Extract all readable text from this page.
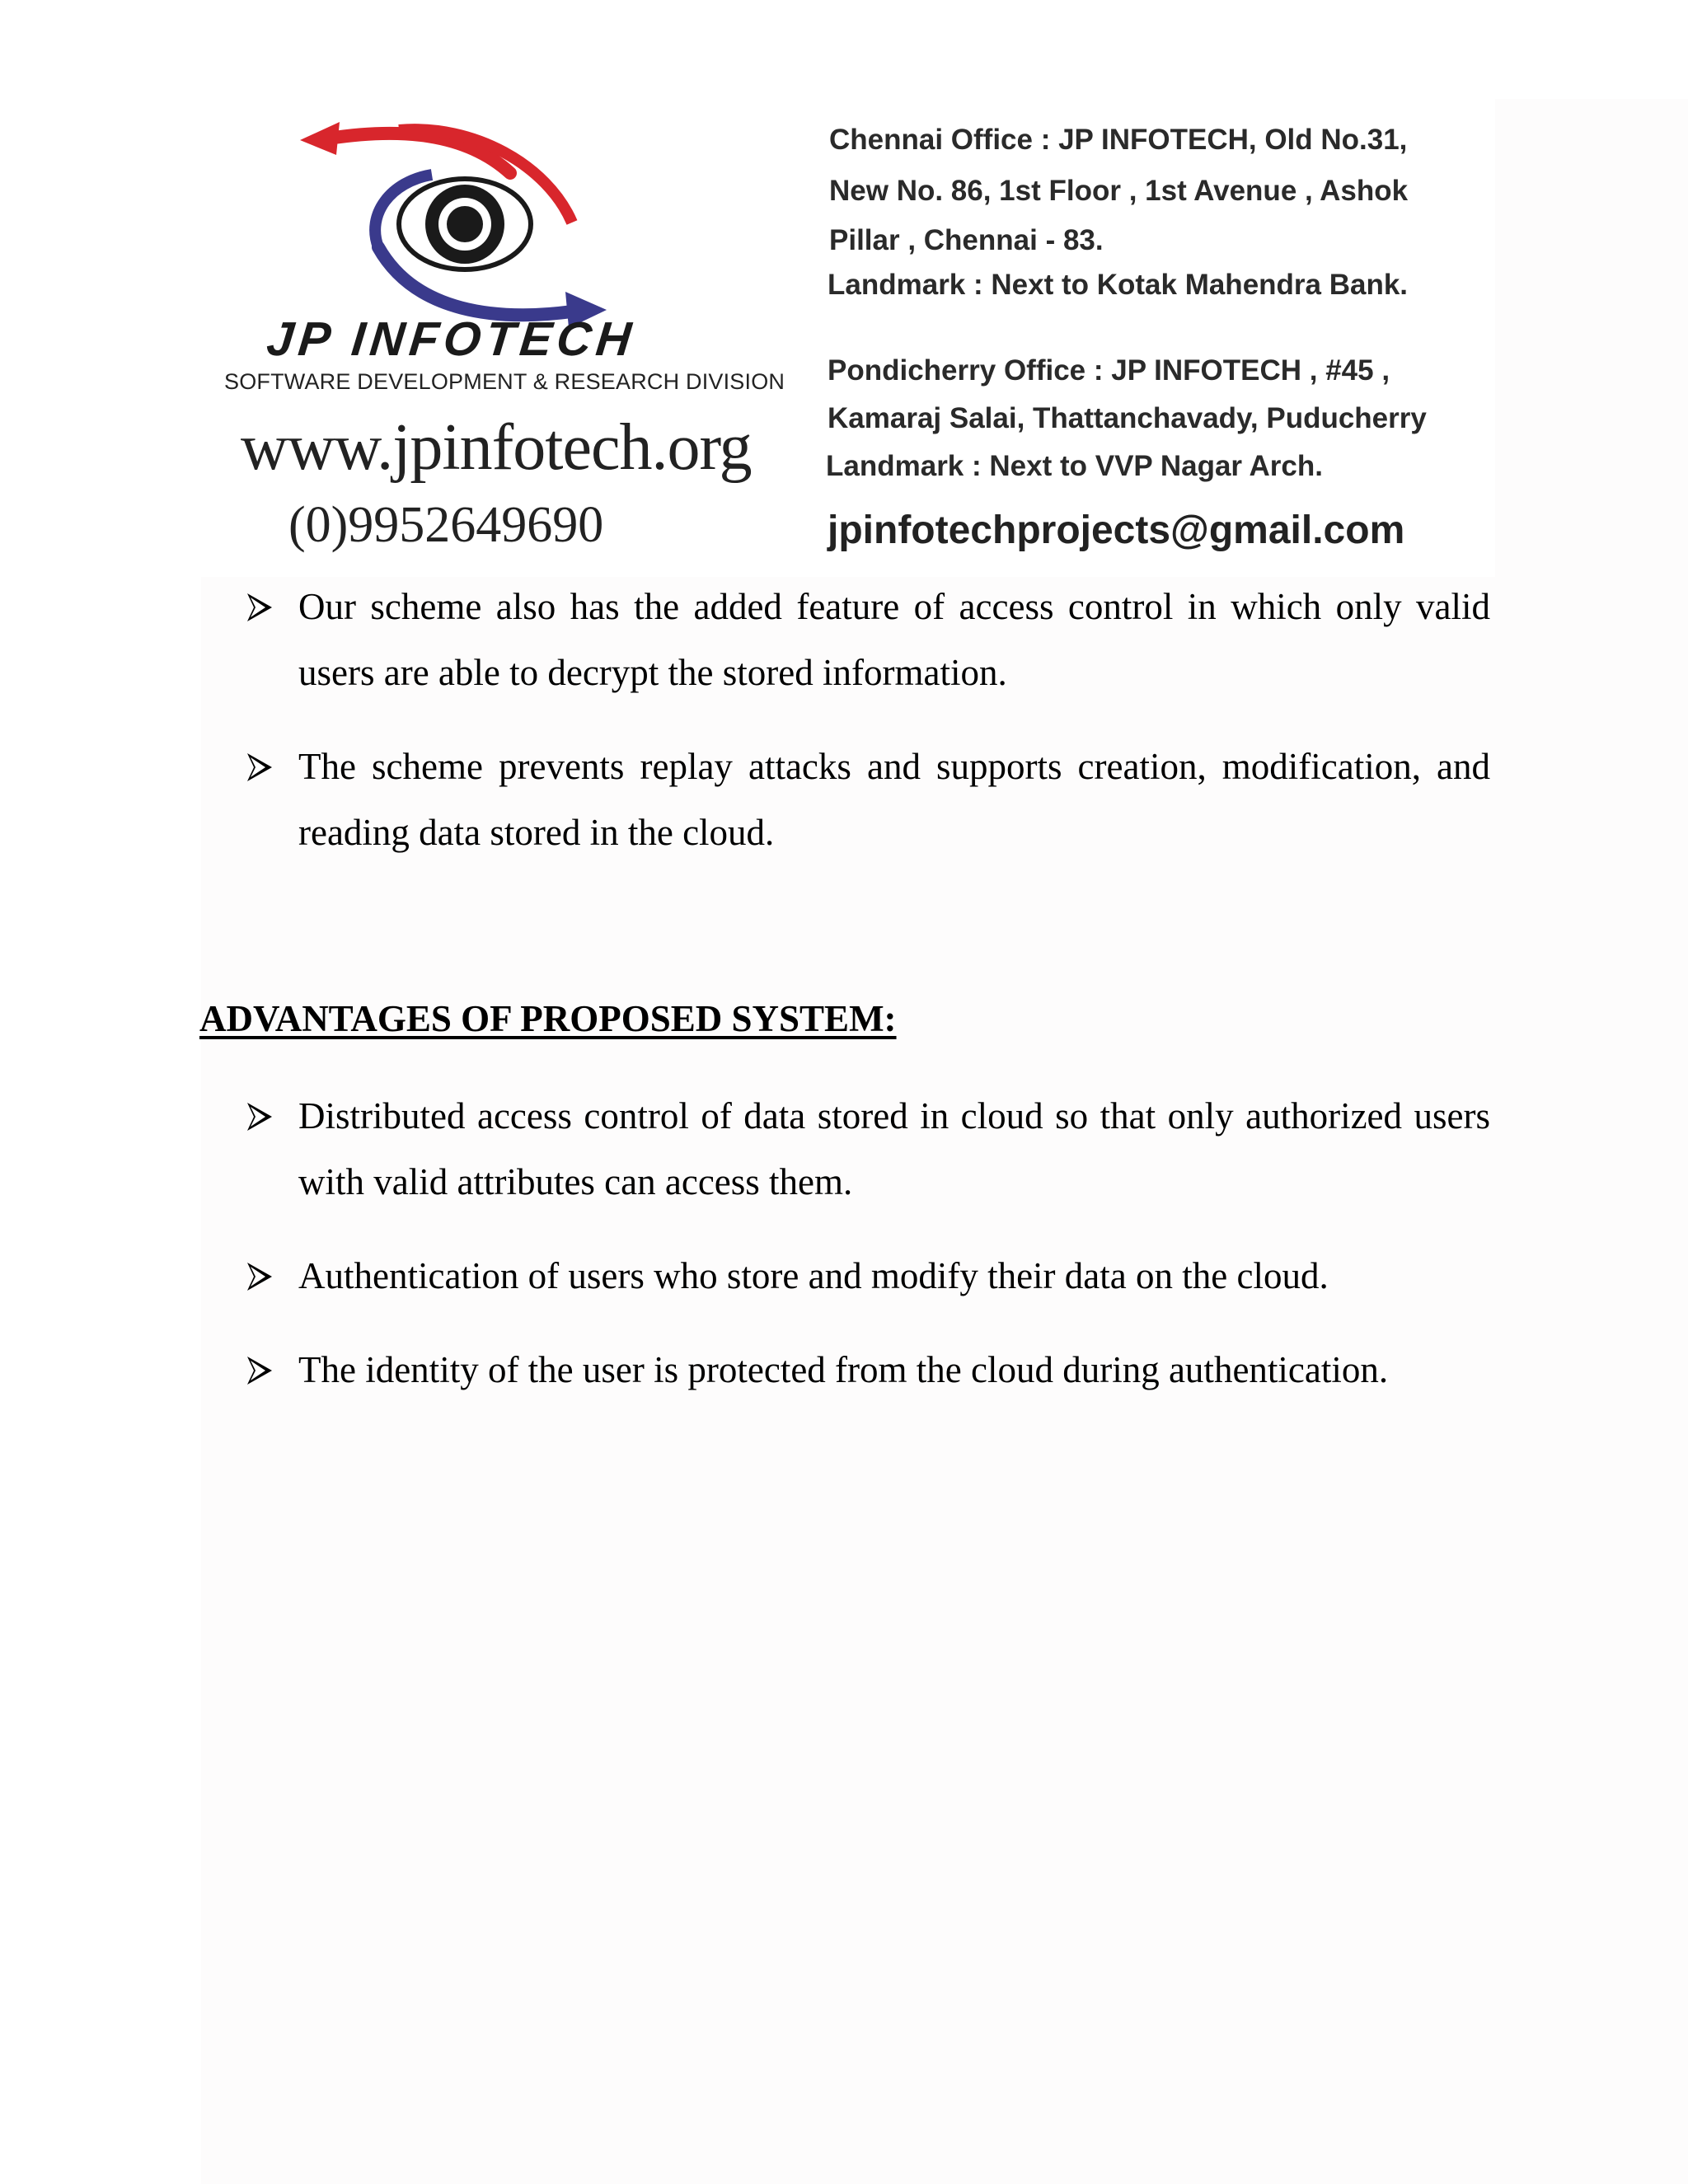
JP INFOTECH
SOFTWARE DEVELOPMENT & RESEARCH DIVISION
www.jpinfotech.org
(0)9952649690
Chennai Office : JP INFOTECH, Old No.31,
New No. 86, 1st Floor , 1st Avenue , Ashok
Pillar , Chennai - 83.
Landmark : Next to Kotak Mahendra Bank.
Pondicherry Office : JP INFOTECH , #45 ,
Kamaraj Salai, Thattanchavady, Puducherry
Landmark : Next to VVP Nagar Arch.
jpinfotechprojects@gmail.com
Our scheme also has the added feature of access control in which only valid users are able to decrypt the stored information.
The scheme prevents replay attacks and supports creation, modification, and reading data stored in the cloud.
ADVANTAGES OF PROPOSED SYSTEM:
Distributed access control of data stored in cloud so that only authorized users with valid attributes can access them.
Authentication of users who store and modify their data on the cloud.
The identity of the user is protected from the cloud during authentication.
